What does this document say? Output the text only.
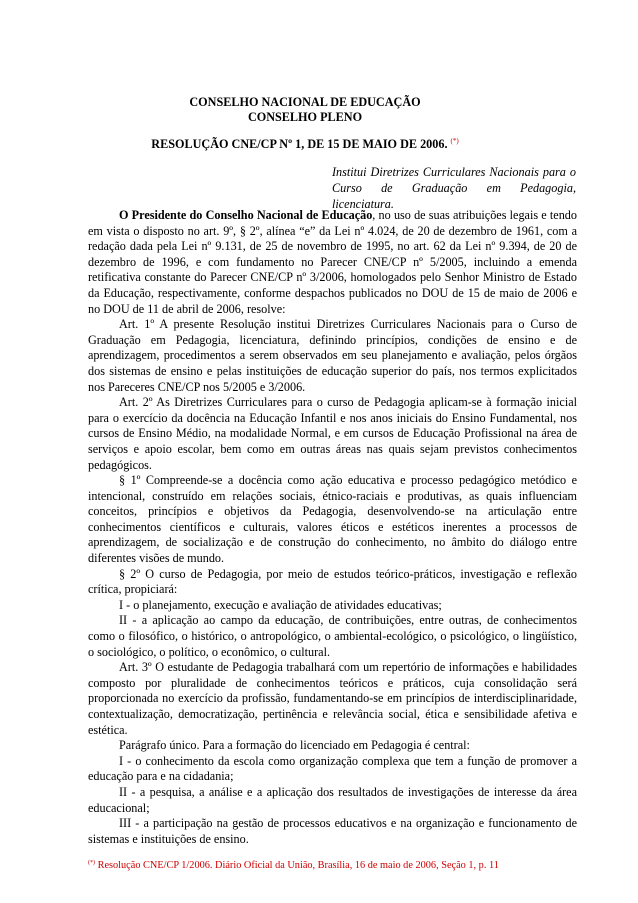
CONSELHO NACIONAL DE EDUCAÇÃO
CONSELHO PLENO
RESOLUÇÃO CNE/CP Nº 1, DE 15 DE MAIO DE 2006. (*)
Institui Diretrizes Curriculares Nacionais para o Curso de Graduação em Pedagogia, licenciatura.

O Presidente do Conselho Nacional de Educação, no uso de suas atribuições legais e tendo em vista o disposto no art. 9º, § 2º, alínea “e” da Lei nº 4.024, de 20 de dezembro de 1961, com a redação dada pela Lei nº 9.131, de 25 de novembro de 1995, no art. 62 da Lei nº 9.394, de 20 de dezembro de 1996, e com fundamento no Parecer CNE/CP nº 5/2005, incluindo a emenda retificativa constante do Parecer CNE/CP nº 3/2006, homologados pelo Senhor Ministro de Estado da Educação, respectivamente, conforme despachos publicados no DOU de 15 de maio de 2006 e no DOU de 11 de abril de 2006, resolve:

Art. 1º A presente Resolução institui Diretrizes Curriculares Nacionais para o Curso de Graduação em Pedagogia, licenciatura, definindo princípios, condições de ensino e de aprendizagem, procedimentos a serem observados em seu planejamento e avaliação, pelos órgãos dos sistemas de ensino e pelas instituições de educação superior do país, nos termos explicitados nos Pareceres CNE/CP nos 5/2005 e 3/2006.

Art. 2º As Diretrizes Curriculares para o curso de Pedagogia aplicam-se à formação inicial para o exercício da docência na Educação Infantil e nos anos iniciais do Ensino Fundamental, nos cursos de Ensino Médio, na modalidade Normal, e em cursos de Educação Profissional na área de serviços e apoio escolar, bem como em outras áreas nas quais sejam previstos conhecimentos pedagógicos.

§ 1º Compreende-se a docência como ação educativa e processo pedagógico metódico e intencional, construído em relações sociais, étnico-raciais e produtivas, as quais influenciam conceitos, princípios e objetivos da Pedagogia, desenvolvendo-se na articulação entre conhecimentos científicos e culturais, valores éticos e estéticos inerentes a processos de aprendizagem, de socialização e de construção do conhecimento, no âmbito do diálogo entre diferentes visões de mundo.

§ 2º O curso de Pedagogia, por meio de estudos teórico-práticos, investigação e reflexão crítica, propiciará:

I - o planejamento, execução e avaliação de atividades educativas;

II - a aplicação ao campo da educação, de contribuições, entre outras, de conhecimentos como o filosófico, o histórico, o antropológico, o ambiental-ecológico, o psicológico, o lingüístico, o sociológico, o político, o econômico, o cultural.

Art. 3º O estudante de Pedagogia trabalhará com um repertório de informações e habilidades composto por pluralidade de conhecimentos teóricos e práticos, cuja consolidação será proporcionada no exercício da profissão, fundamentando-se em princípios de interdisciplinaridade, contextualização, democratização, pertinência e relevância social, ética e sensibilidade afetiva e estética.

Parágrafo único. Para a formação do licenciado em Pedagogia é central:

I - o conhecimento da escola como organização complexa que tem a função de promover a educação para e na cidadania;

II - a pesquisa, a análise e a aplicação dos resultados de investigações de interesse da área educacional;

III - a participação na gestão de processos educativos e na organização e funcionamento de sistemas e instituições de ensino.

(*) Resolução CNE/CP 1/2006. Diário Oficial da União, Brasília, 16 de maio de 2006, Seção 1, p. 11
